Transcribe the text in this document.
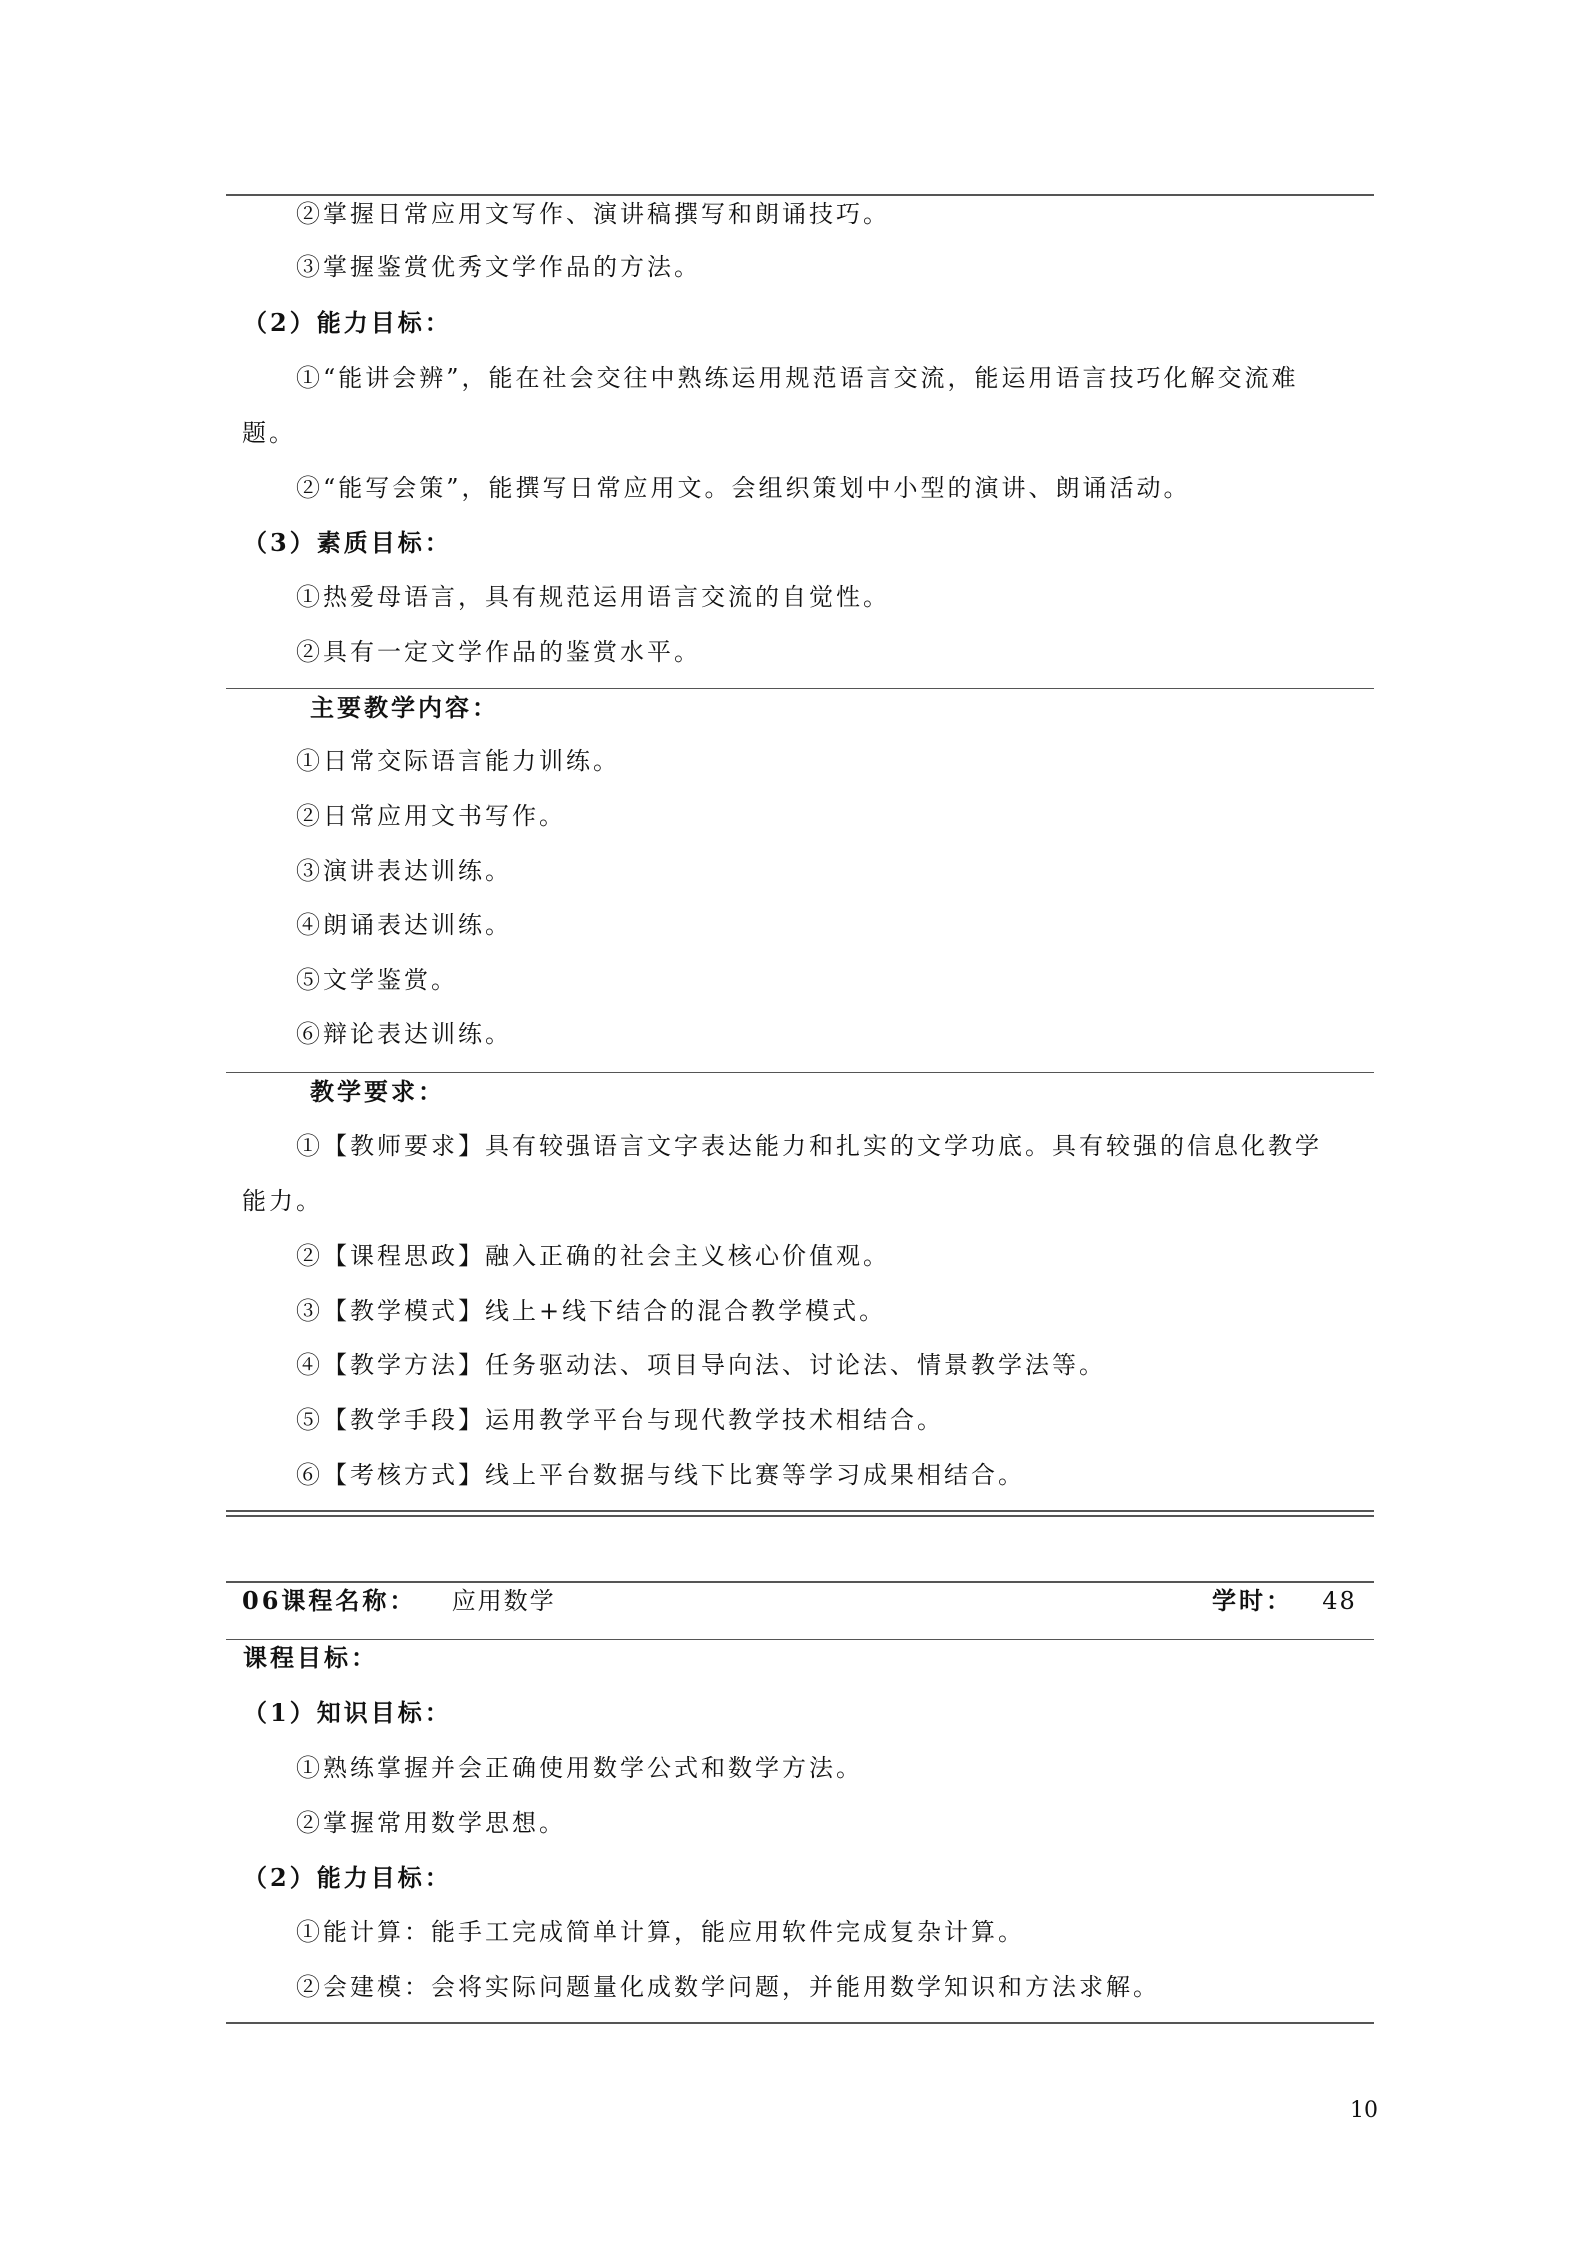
②掌握日常应用文写作、演讲稿撰写和朗诵技巧。
③掌握鉴赏优秀文学作品的方法。
（2）能力目标：
①“能讲会辨”，能在社会交往中熟练运用规范语言交流，能运用语言技巧化解交流难
题。
②“能写会策”，能撰写日常应用文。会组织策划中小型的演讲、朗诵活动。
（3）素质目标：
①热爱母语言，具有规范运用语言交流的自觉性。
②具有一定文学作品的鉴赏水平。
主要教学内容：
①日常交际语言能力训练。
②日常应用文书写作。
③演讲表达训练。
④朗诵表达训练。
⑤文学鉴赏。
⑥辩论表达训练。
教学要求：
①【教师要求】具有较强语言文字表达能力和扎实的文学功底。具有较强的信息化教学
能力。
②【课程思政】融入正确的社会主义核心价值观。
③【教学模式】线上+线下结合的混合教学模式。
④【教学方法】任务驱动法、项目导向法、讨论法、情景教学法等。
⑤【教学手段】运用教学平台与现代教学技术相结合。
⑥【考核方式】线上平台数据与线下比赛等学习成果相结合。
06课程名称： 应用数学	学时： 48
课程目标：
（1）知识目标：
①熟练掌握并会正确使用数学公式和数学方法。
②掌握常用数学思想。
（2）能力目标：
①能计算：能手工完成简单计算，能应用软件完成复杂计算。
②会建模：会将实际问题量化成数学问题，并能用数学知识和方法求解。
10
